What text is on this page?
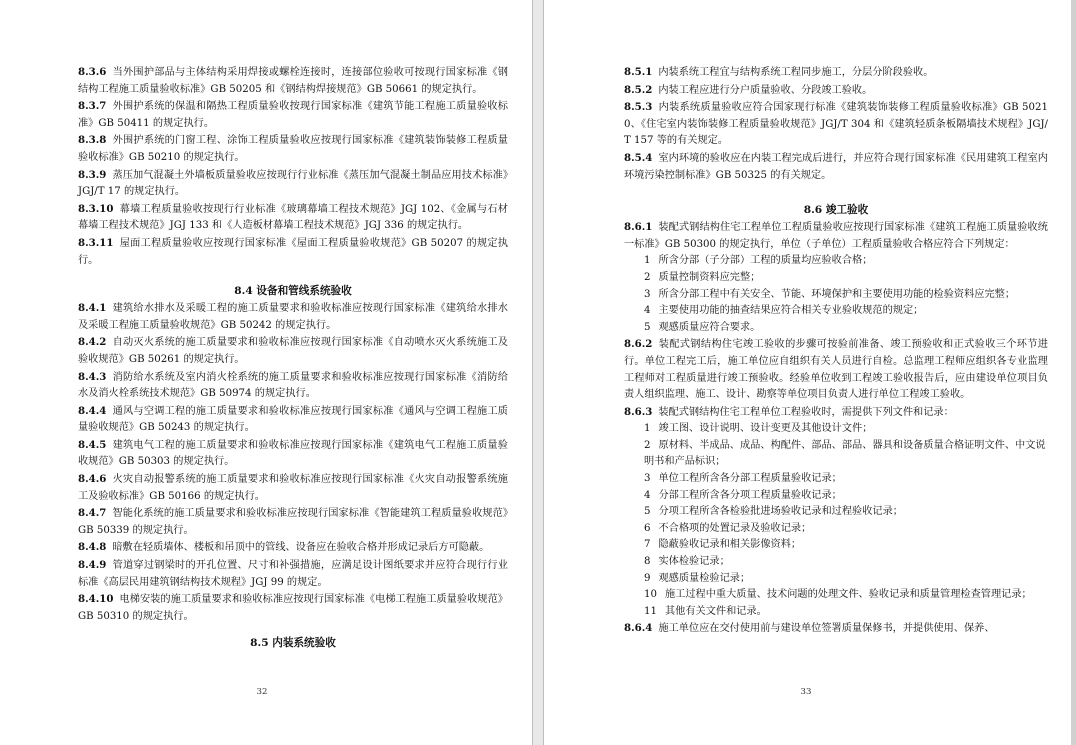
8.3.6 当外围护部品与主体结构采用焊接或螺栓连接时，连接部位验收可按现行国家标准《钢结构工程施工质量验收标准》GB 50205 和《钢结构焊接规范》GB 50661 的规定执行。

8.3.7 外围护系统的保温和隔热工程质量验收按现行国家标准《建筑节能工程施工质量验收标准》GB 50411 的规定执行。

8.3.8 外围护系统的门窗工程、涂饰工程质量验收应按现行国家标准《建筑装饰装修工程质量验收标准》GB 50210 的规定执行。

8.3.9 蒸压加气混凝土外墙板质量验收应按现行行业标准《蒸压加气混凝土制品应用技术标准》JGJ/T 17 的规定执行。

8.3.10 幕墙工程质量验收按现行行业标准《玻璃幕墙工程技术规范》JGJ 102、《金属与石材幕墙工程技术规范》JGJ 133 和《人造板材幕墙工程技术规范》JGJ 336 的规定执行。

8.3.11 屋面工程质量验收应按现行国家标准《屋面工程质量验收规范》GB 50207 的规定执行。

8.4 设备和管线系统验收

8.4.1 建筑给水排水及采暖工程的施工质量要求和验收标准应按现行国家标准《建筑给水排水及采暖工程施工质量验收规范》GB 50242 的规定执行。

8.4.2 自动灭火系统的施工质量要求和验收标准应按现行国家标准《自动喷水灭火系统施工及验收规范》GB 50261 的规定执行。

8.4.3 消防给水系统及室内消火栓系统的施工质量要求和验收标准应按现行国家标准《消防给水及消火栓系统技术规范》GB 50974 的规定执行。

8.4.4 通风与空调工程的施工质量要求和验收标准应按现行国家标准《通风与空调工程施工质量验收规范》GB 50243 的规定执行。

8.4.5 建筑电气工程的施工质量要求和验收标准应按现行国家标准《建筑电气工程施工质量验收规范》GB 50303 的规定执行。

8.4.6 火灾自动报警系统的施工质量要求和验收标准应按现行国家标准《火灾自动报警系统施工及验收标准》GB 50166 的规定执行。

8.4.7 智能化系统的施工质量要求和验收标准应按现行国家标准《智能建筑工程质量验收规范》GB 50339 的规定执行。

8.4.8 暗敷在轻质墙体、楼板和吊顶中的管线、设备应在验收合格并形成记录后方可隐蔽。

8.4.9 管道穿过钢梁时的开孔位置、尺寸和补强措施，应满足设计图纸要求并应符合现行行业标准《高层民用建筑钢结构技术规程》JGJ 99 的规定。

8.4.10 电梯安装的施工质量要求和验收标准应按现行国家标准《电梯工程施工质量验收规范》GB 50310 的规定执行。

8.5 内装系统验收

32

8.5.1 内装系统工程宜与结构系统工程同步施工，分层分阶段验收。

8.5.2 内装工程应进行分户质量验收、分段竣工验收。

8.5.3 内装系统质量验收应符合国家现行标准《建筑装饰装修工程质量验收标准》GB 50210、《住宅室内装饰装修工程质量验收规范》JGJ/T 304 和《建筑轻质条板隔墙技术规程》JGJ/T 157 等的有关规定。

8.5.4 室内环境的验收应在内装工程完成后进行，并应符合现行国家标准《民用建筑工程室内环境污染控制标准》GB 50325 的有关规定。

8.6 竣工验收

8.6.1 装配式钢结构住宅工程单位工程质量验收应按现行国家标准《建筑工程施工质量验收统一标准》GB 50300 的规定执行，单位（子单位）工程质量验收合格应符合下列规定：

1 所含分部（子分部）工程的质量均应验收合格；

2 质量控制资料应完整；

3 所含分部工程中有关安全、节能、环境保护和主要使用功能的检验资料应完整；

4 主要使用功能的抽查结果应符合相关专业验收规范的规定；

5 观感质量应符合要求。

8.6.2 装配式钢结构住宅竣工验收的步骤可按验前准备、竣工预验收和正式验收三个环节进行。单位工程完工后，施工单位应自组织有关人员进行自检。总监理工程师应组织各专业监理工程师对工程质量进行竣工预验收。经验单位收到工程竣工验收报告后，应由建设单位项目负责人组织监理、施工、设计、勘察等单位项目负责人进行单位工程竣工验收。

8.6.3 装配式钢结构住宅工程单位工程验收时，需提供下列文件和记录：

1 竣工图、设计说明、设计变更及其他设计文件；

2 原材料、半成品、成品、构配件、部品、部品、器具和设备质量合格证明文件、中文说明书和产品标识；

3 单位工程所含各分部工程质量验收记录；

4 分部工程所含各分项工程质量验收记录；

5 分项工程所含各检验批进场验收记录和过程验收记录；

6 不合格项的处置记录及验收记录；

7 隐蔽验收记录和相关影像资料；

8 实体检验记录；

9 观感质量检验记录；

10 施工过程中重大质量、技术问题的处理文件、验收记录和质量管理检查管理记录；

11 其他有关文件和记录。

8.6.4 施工单位应在交付使用前与建设单位签署质量保修书，并提供使用、保养、

33
